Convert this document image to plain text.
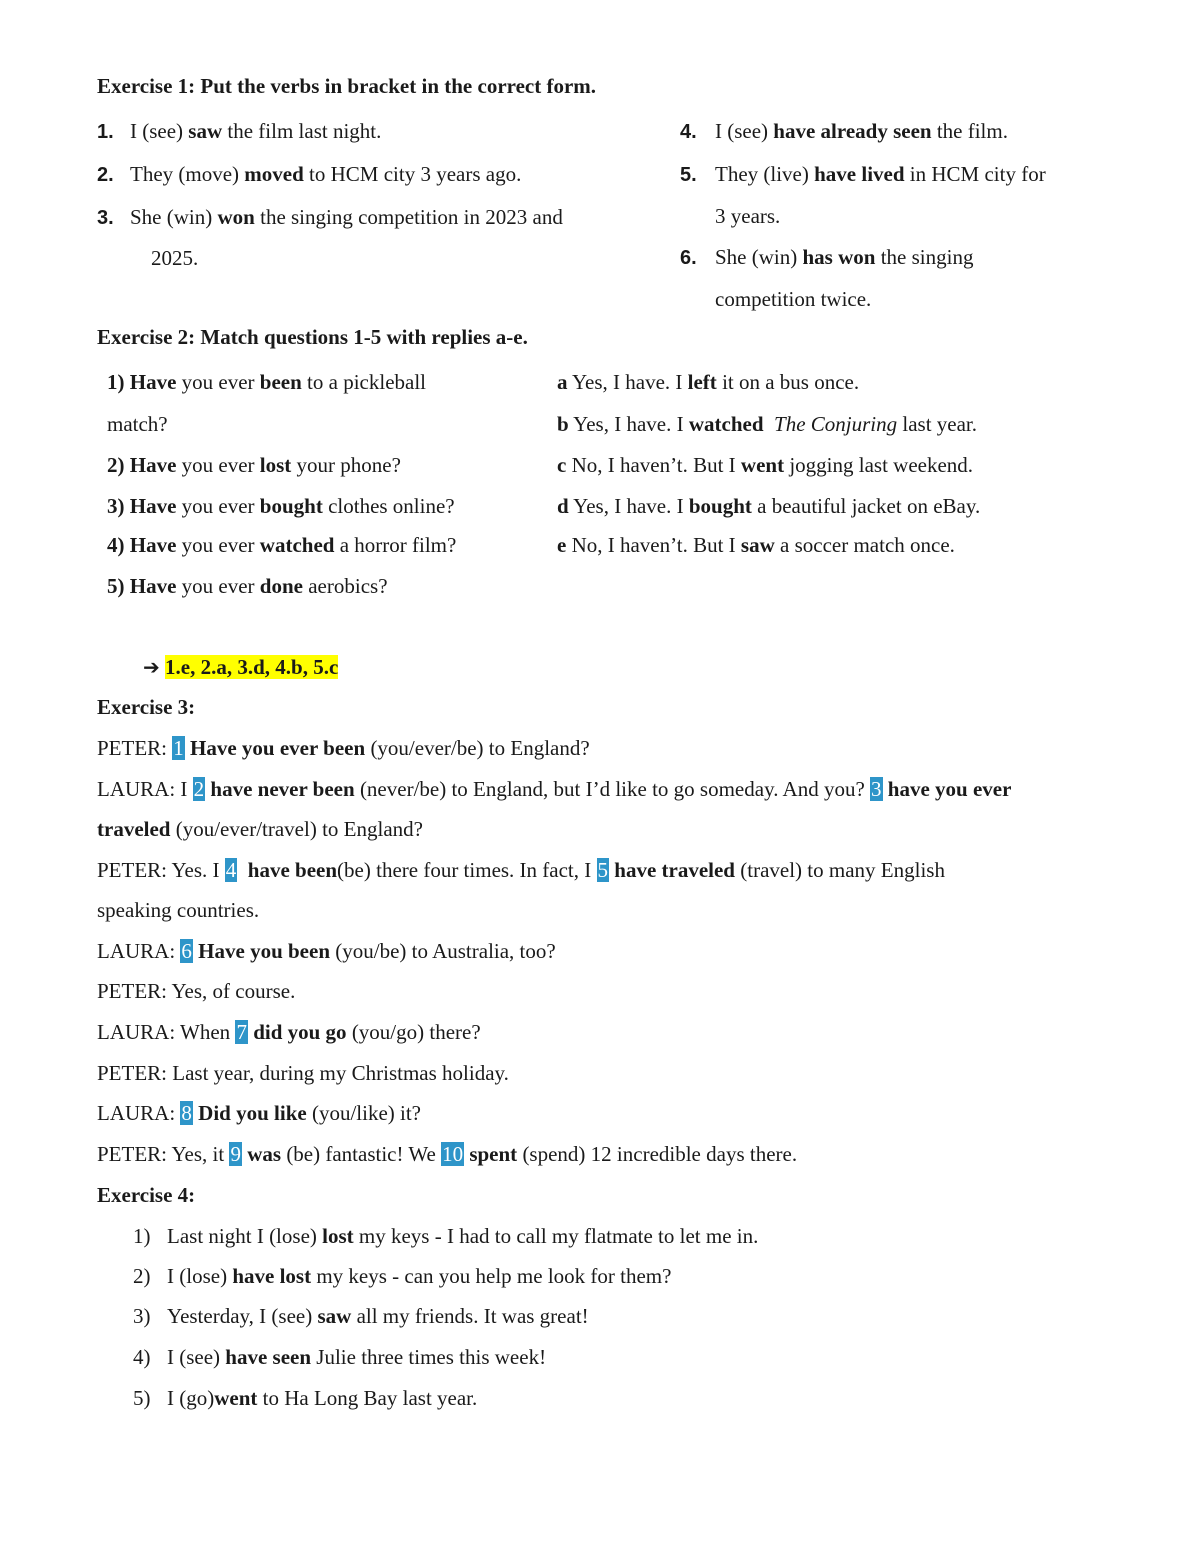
Exercise 1: Put the verbs in bracket in the correct form.
1. I (see) saw the film last night.
2. They (move) moved to HCM city 3 years ago.
3. She (win) won the singing competition in 2023 and
2025.
4. I (see) have already seen the film.
5. They (live) have lived in HCM city for
3 years.
6. She (win) has won the singing
competition twice.
Exercise 2: Match questions 1-5 with replies a-e.
1) Have you ever been to a pickleball
match?
2) Have you ever lost your phone?
3) Have you ever bought clothes online?
4) Have you ever watched a horror film?
5) Have you ever done aerobics?
a Yes, I have. I left it on a bus once.
b Yes, I have. I watched The Conjuring last year.
c No, I haven’t. But I went jogging last weekend.
d Yes, I have. I bought a beautiful jacket on eBay.
e No, I haven’t. But I saw a soccer match once.
➔ 1.e, 2.a, 3.d, 4.b, 5.c
Exercise 3:
PETER: 1 Have you ever been (you/ever/be) to England?
LAURA: I 2 have never been (never/be) to England, but I’d like to go someday. And you? 3 have you ever
traveled (you/ever/travel) to England?
PETER: Yes. I 4 have been(be) there four times. In fact, I 5 have traveled (travel) to many English
speaking countries.
LAURA: 6 Have you been (you/be) to Australia, too?
PETER: Yes, of course.
LAURA: When 7 did you go (you/go) there?
PETER: Last year, during my Christmas holiday.
LAURA: 8 Did you like (you/like) it?
PETER: Yes, it 9 was (be) fantastic! We 10 spent (spend) 12 incredible days there.
Exercise 4:
1) Last night I (lose) lost my keys - I had to call my flatmate to let me in.
2) I (lose) have lost my keys - can you help me look for them?
3) Yesterday, I (see) saw all my friends. It was great!
4) I (see) have seen Julie three times this week!
5) I (go)went to Ha Long Bay last year.
